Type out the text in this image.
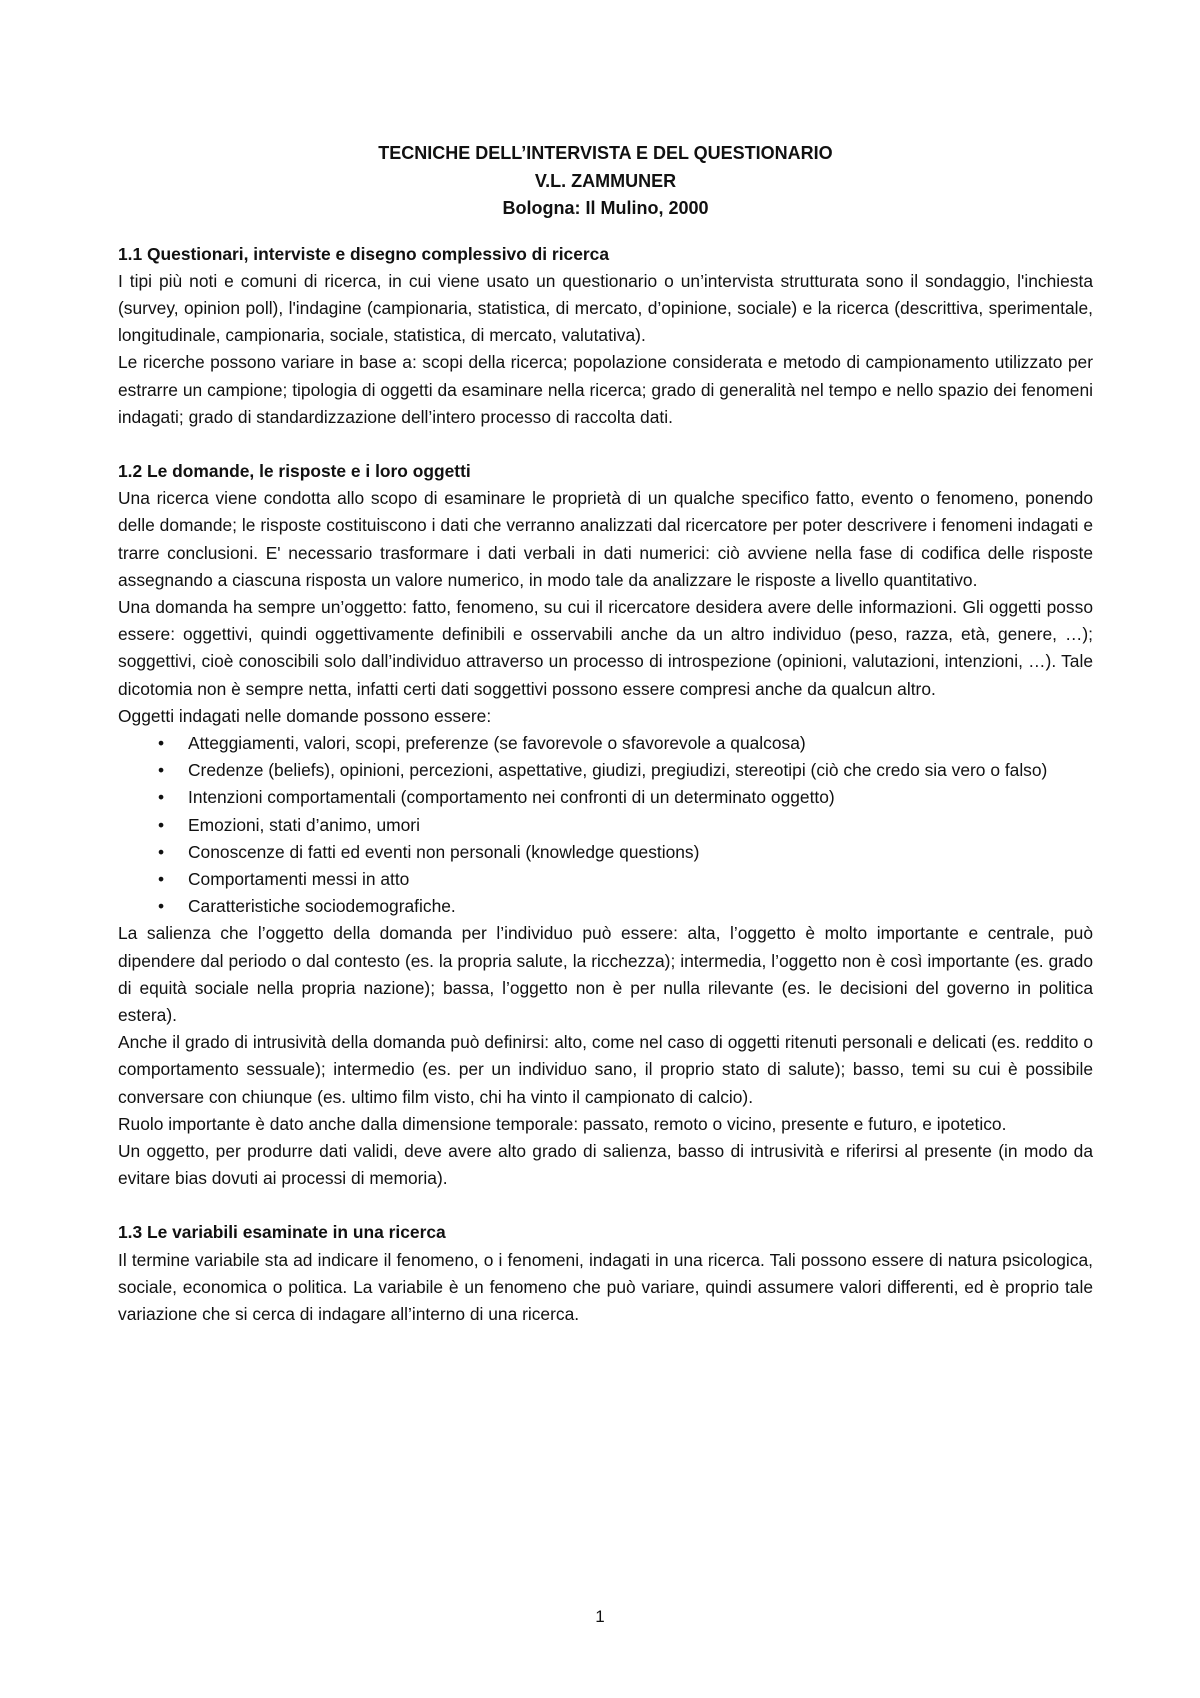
TECNICHE DELL’INTERVISTA E DEL QUESTIONARIO
V.L. ZAMMUNER
Bologna: Il Mulino, 2000
1.1 Questionari, interviste e disegno complessivo di ricerca

I tipi più noti e comuni di ricerca, in cui viene usato un questionario o un’intervista strutturata sono il sondaggio, l'inchiesta (survey, opinion poll), l'indagine (campionaria, statistica, di mercato, d’opinione, sociale) e la ricerca (descrittiva, sperimentale, longitudinale, campionaria, sociale, statistica, di mercato, valutativa).

Le ricerche possono variare in base a: scopi della ricerca; popolazione considerata e metodo di campionamento utilizzato per estrarre un campione; tipologia di oggetti da esaminare nella ricerca; grado di generalità nel tempo e nello spazio dei fenomeni indagati; grado di standardizzazione dell’intero processo di raccolta dati.

1.2 Le domande, le risposte e i loro oggetti

Una ricerca viene condotta allo scopo di esaminare le proprietà di un qualche specifico fatto, evento o fenomeno, ponendo delle domande; le risposte costituiscono i dati che verranno analizzati dal ricercatore per poter descrivere i fenomeni indagati e trarre conclusioni. E' necessario trasformare i dati verbali in dati numerici: ciò avviene nella fase di codifica delle risposte assegnando a ciascuna risposta un valore numerico, in modo tale da analizzare le risposte a livello quantitativo.

Una domanda ha sempre un’oggetto: fatto, fenomeno, su cui il ricercatore desidera avere delle informazioni. Gli oggetti posso essere: oggettivi, quindi oggettivamente definibili e osservabili anche da un altro individuo (peso, razza, età, genere, …); soggettivi, cioè conoscibili solo dall’individuo attraverso un processo di introspezione (opinioni, valutazioni, intenzioni, …). Tale dicotomia non è sempre netta, infatti certi dati soggettivi possono essere compresi anche da qualcun altro.

Oggetti indagati nelle domande possono essere:

• Atteggiamenti, valori, scopi, preferenze (se favorevole o sfavorevole a qualcosa)
• Credenze (beliefs), opinioni, percezioni, aspettative, giudizi, pregiudizi, stereotipi (ciò che credo sia vero o falso)
• Intenzioni comportamentali (comportamento nei confronti di un determinato oggetto)
• Emozioni, stati d’animo, umori
• Conoscenze di fatti ed eventi non personali (knowledge questions)
• Comportamenti messi in atto
• Caratteristiche sociodemografiche.

La salienza che l’oggetto della domanda per l’individuo può essere: alta, l’oggetto è molto importante e centrale, può dipendere dal periodo o dal contesto (es. la propria salute, la ricchezza); intermedia, l’oggetto non è così importante (es. grado di equità sociale nella propria nazione); bassa, l’oggetto non è per nulla rilevante (es. le decisioni del governo in politica estera).

Anche il grado di intrusività della domanda può definirsi: alto, come nel caso di oggetti ritenuti personali e delicati (es. reddito o comportamento sessuale); intermedio (es. per un individuo sano, il proprio stato di salute); basso, temi su cui è possibile conversare con chiunque (es. ultimo film visto, chi ha vinto il campionato di calcio).

Ruolo importante è dato anche dalla dimensione temporale: passato, remoto o vicino, presente e futuro, e ipotetico.

Un oggetto, per produrre dati validi, deve avere alto grado di salienza, basso di intrusività e riferirsi al presente (in modo da evitare bias dovuti ai processi di memoria).

1.3 Le variabili esaminate in una ricerca

Il termine variabile sta ad indicare il fenomeno, o i fenomeni, indagati in una ricerca. Tali possono essere di natura psicologica, sociale, economica o politica. La variabile è un fenomeno che può variare, quindi assumere valori differenti, ed è proprio tale variazione che si cerca di indagare all’interno di una ricerca.

1
